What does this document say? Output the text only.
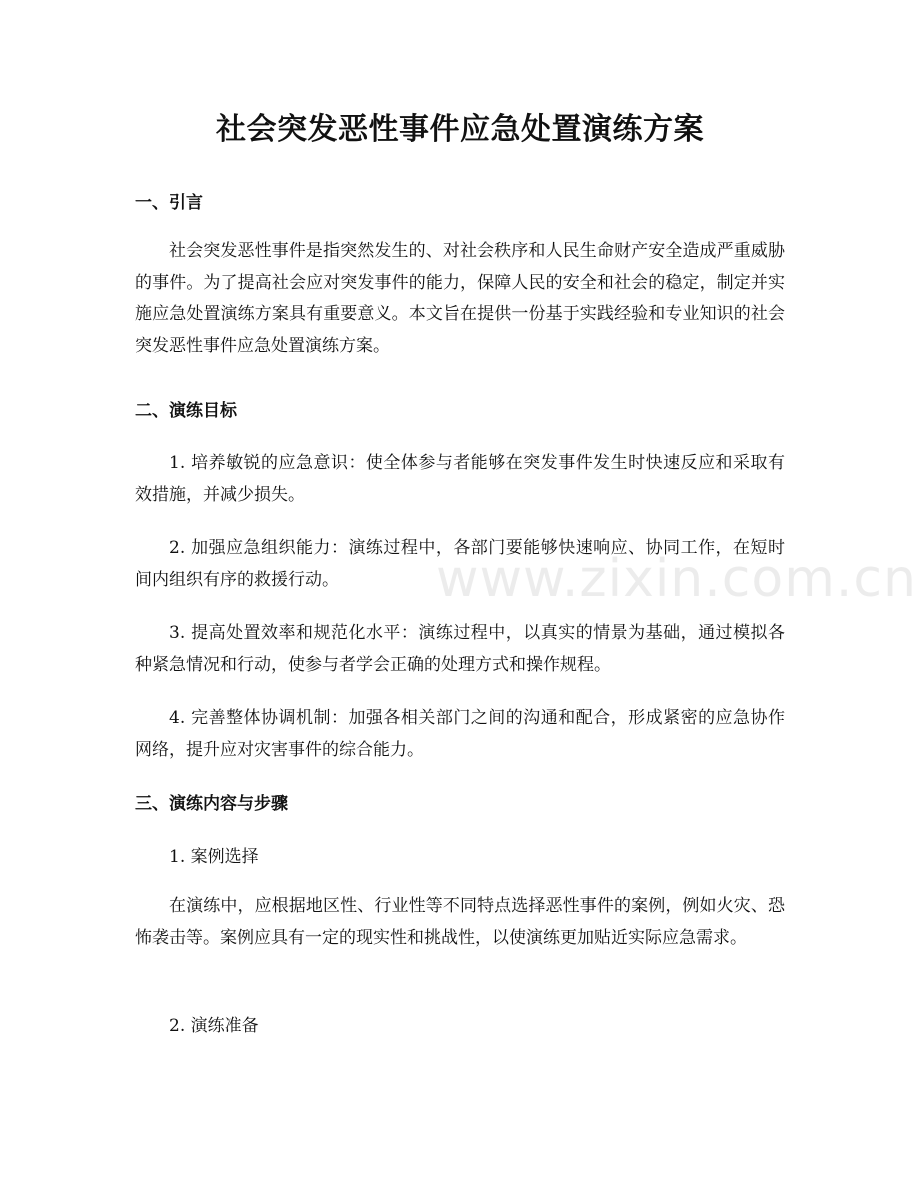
社会突发恶性事件应急处置演练方案
一、引言
社会突发恶性事件是指突然发生的、对社会秩序和人民生命财产安全造成严重威胁的事件。为了提高社会应对突发事件的能力，保障人民的安全和社会的稳定，制定并实施应急处置演练方案具有重要意义。本文旨在提供一份基于实践经验和专业知识的社会突发恶性事件应急处置演练方案。
二、演练目标
1. 培养敏锐的应急意识：使全体参与者能够在突发事件发生时快速反应和采取有效措施，并减少损失。
2. 加强应急组织能力：演练过程中，各部门要能够快速响应、协同工作，在短时间内组织有序的救援行动。
3. 提高处置效率和规范化水平：演练过程中，以真实的情景为基础，通过模拟各种紧急情况和行动，使参与者学会正确的处理方式和操作规程。
4. 完善整体协调机制：加强各相关部门之间的沟通和配合，形成紧密的应急协作网络，提升应对灾害事件的综合能力。
三、演练内容与步骤
1. 案例选择
在演练中，应根据地区性、行业性等不同特点选择恶性事件的案例，例如火灾、恐怖袭击等。案例应具有一定的现实性和挑战性，以使演练更加贴近实际应急需求。
2. 演练准备
www.zixin.com.cn
